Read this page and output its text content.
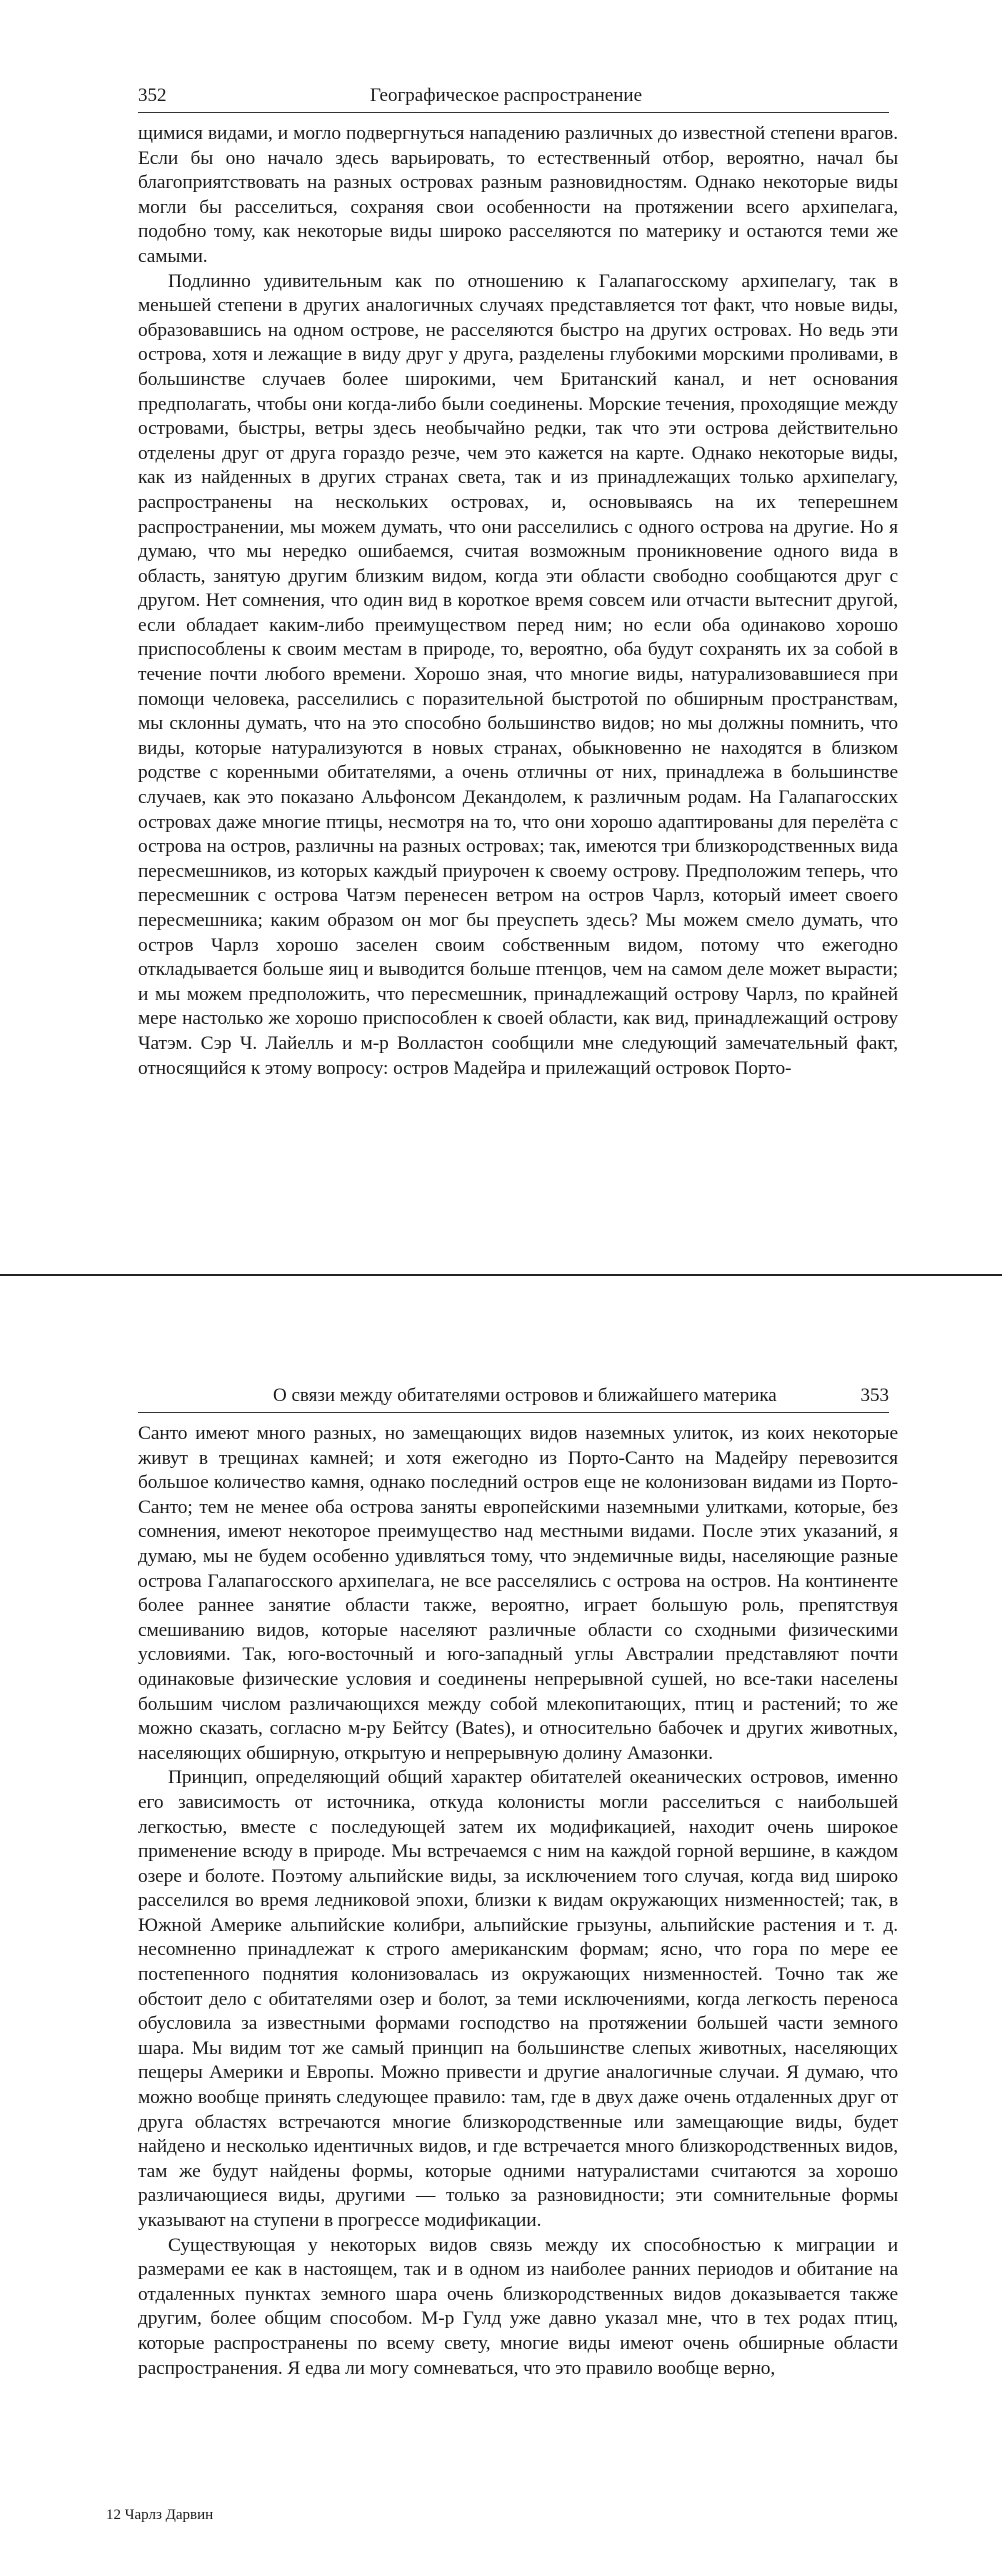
352	Географическое распространение

щимися видами, и могло подвергнуться нападению различных до известной степени врагов. Если бы оно начало здесь варьировать, то естественный отбор, вероятно, начал бы благоприятствовать на разных островах разным разновидностям. Однако некоторые виды могли бы расселиться, сохраняя свои особенности на протяжении всего архипелага, подобно тому, как некоторые виды широко расселяются по материку и остаются теми же самыми.

Подлинно удивительным как по отношению к Галапагосскому архипелагу, так в меньшей степени в других аналогичных случаях представляется тот факт, что новые виды, образовавшись на одном острове, не расселяются быстро на других островах. Но ведь эти острова, хотя и лежащие в виду друг у друга, разделены глубокими морскими проливами, в большинстве случаев более широкими, чем Британский канал, и нет основания предполагать, чтобы они когда-либо были соединены. Морские течения, проходящие между островами, быстры, ветры здесь необычайно редки, так что эти острова действительно отделены друг от друга гораздо резче, чем это кажется на карте. Однако некоторые виды, как из найденных в других странах света, так и из принадлежащих только архипелагу, распространены на нескольких островах, и, основываясь на их теперешнем распространении, мы можем думать, что они расселились с одного острова на другие. Но я думаю, что мы нередко ошибаемся, считая возможным проникновение одного вида в область, занятую другим близким видом, когда эти области свободно сообщаются друг с другом. Нет сомнения, что один вид в короткое время совсем или отчасти вытеснит другой, если обладает каким-либо преимуществом перед ним; но если оба одинаково хорошо приспособлены к своим местам в природе, то, вероятно, оба будут сохранять их за собой в течение почти любого времени. Хорошо зная, что многие виды, натурализовавшиеся при помощи человека, расселились с поразительной быстротой по обширным пространствам, мы склонны думать, что на это способно большинство видов; но мы должны помнить, что виды, которые натурализуются в новых странах, обыкновенно не находятся в близком родстве с коренными обитателями, а очень отличны от них, принадлежа в большинстве случаев, как это показано Альфонсом Декандолем, к различным родам. На Галапагосских островах даже многие птицы, несмотря на то, что они хорошо адаптированы для перелёта с острова на остров, различны на разных островах; так, имеются три близкородственных вида пересмешников, из которых каждый приурочен к своему острову. Предположим теперь, что пересмешник с острова Чатэм перенесен ветром на остров Чарлз, который имеет своего пересмешника; каким образом он мог бы преуспеть здесь? Мы можем смело думать, что остров Чарлз хорошо заселен своим собственным видом, потому что ежегодно откладывается больше яиц и выводится больше птенцов, чем на самом деле может вырасти; и мы можем предположить, что пересмешник, принадлежащий острову Чарлз, по крайней мере настолько же хорошо приспособлен к своей области, как вид, принадлежащий острову Чатэм. Сэр Ч. Лайелль и м-р Волластон сообщили мне следующий замечательный факт, относящийся к этому вопросу: остров Мадейра и прилежащий островок Порто-

О связи между обитателями островов и ближайшего материка	353

Санто имеют много разных, но замещающих видов наземных улиток, из коих некоторые живут в трещинах камней; и хотя ежегодно из Порто-Санто на Мадейру перевозится большое количество камня, однако последний остров еще не колонизован видами из Порто-Санто; тем не менее оба острова заняты европейскими наземными улитками, которые, без сомнения, имеют некоторое преимущество над местными видами. После этих указаний, я думаю, мы не будем особенно удивляться тому, что эндемичные виды, населяющие разные острова Галапагосского архипелага, не все расселялись с острова на остров. На континенте более раннее занятие области также, вероятно, играет большую роль, препятствуя смешиванию видов, которые населяют различные области со сходными физическими условиями. Так, юго-восточный и юго-западный углы Австралии представляют почти одинаковые физические условия и соединены непрерывной сушей, но все-таки населены большим числом различающихся между собой млекопитающих, птиц и растений; то же можно сказать, согласно м-ру Бейтсу (Bates), и относительно бабочек и других животных, населяющих обширную, открытую и непрерывную долину Амазонки.

Принцип, определяющий общий характер обитателей океанических островов, именно его зависимость от источника, откуда колонисты могли расселиться с наибольшей легкостью, вместе с последующей затем их модификацией, находит очень широкое применение всюду в природе. Мы встречаемся с ним на каждой горной вершине, в каждом озере и болоте. Поэтому альпийские виды, за исключением того случая, когда вид широко расселился во время ледниковой эпохи, близки к видам окружающих низменностей; так, в Южной Америке альпийские колибри, альпийские грызуны, альпийские растения и т. д. несомненно принадлежат к строго американским формам; ясно, что гора по мере ее постепенного поднятия колонизовалась из окружающих низменностей. Точно так же обстоит дело с обитателями озер и болот, за теми исключениями, когда легкость переноса обусловила за известными формами господство на протяжении большей части земного шара. Мы видим тот же самый принцип на большинстве слепых животных, населяющих пещеры Америки и Европы. Можно привести и другие аналогичные случаи. Я думаю, что можно вообще принять следующее правило: там, где в двух даже очень отдаленных друг от друга областях встречаются многие близкородственные или замещающие виды, будет найдено и несколько идентичных видов, и где встречается много близкородственных видов, там же будут найдены формы, которые одними натуралистами считаются за хорошо различающиеся виды, другими — только за разновидности; эти сомнительные формы указывают на ступени в прогрессе модификации.

Существующая у некоторых видов связь между их способностью к миграции и размерами ее как в настоящем, так и в одном из наиболее ранних периодов и обитание на отдаленных пунктах земного шара очень близкородственных видов доказывается также другим, более общим способом. М-р Гулд уже давно указал мне, что в тех родах птиц, которые распространены по всему свету, многие виды имеют очень обширные области распространения. Я едва ли могу сомневаться, что это правило вообще верно,

12 Чарлз Дарвин
